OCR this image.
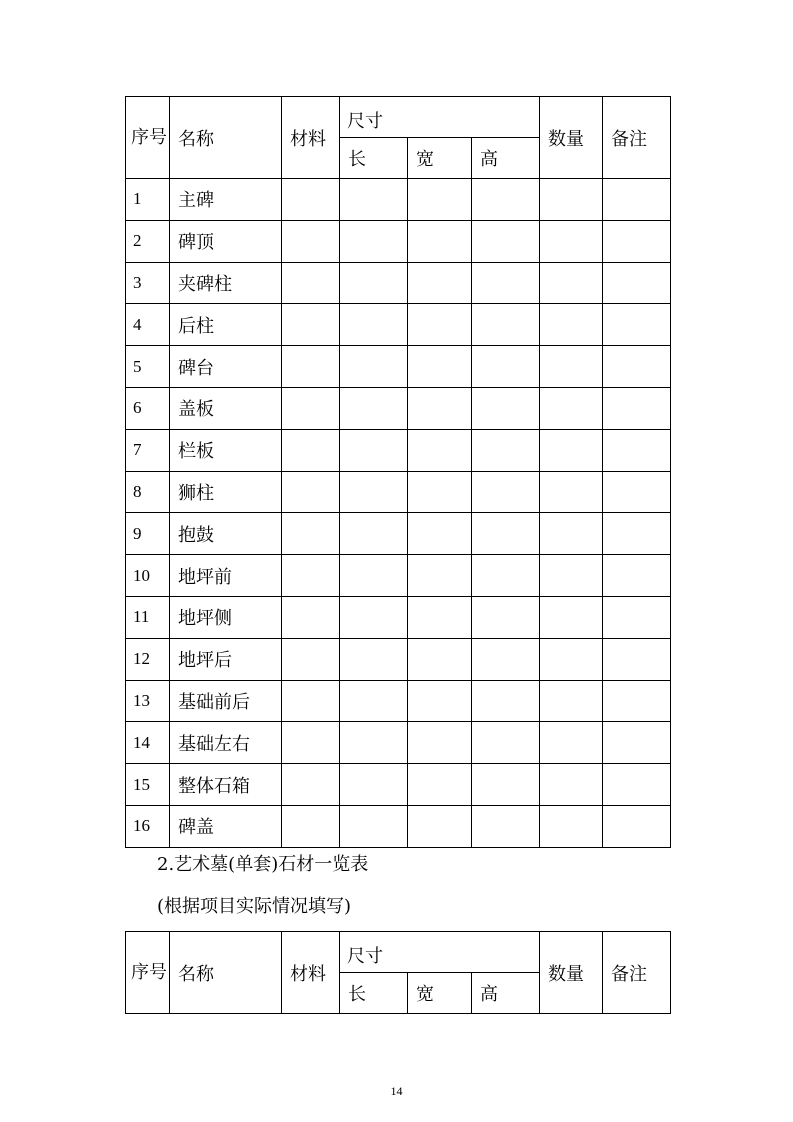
序号	名称	材料	尺寸			数量	备注
			长	宽	高		
1	主碑						
2	碑顶						
3	夹碑柱						
4	后柱						
5	碑台						
6	盖板						
7	栏板						
8	狮柱						
9	抱鼓						
10	地坪前						
11	地坪侧						
12	地坪后						
13	基础前后						
14	基础左右						
15	整体石箱						
16	碑盖						
2.艺术墓(单套)石材一览表
(根据项目实际情况填写)
序号	名称	材料	尺寸			数量	备注
			长	宽	高		
14
